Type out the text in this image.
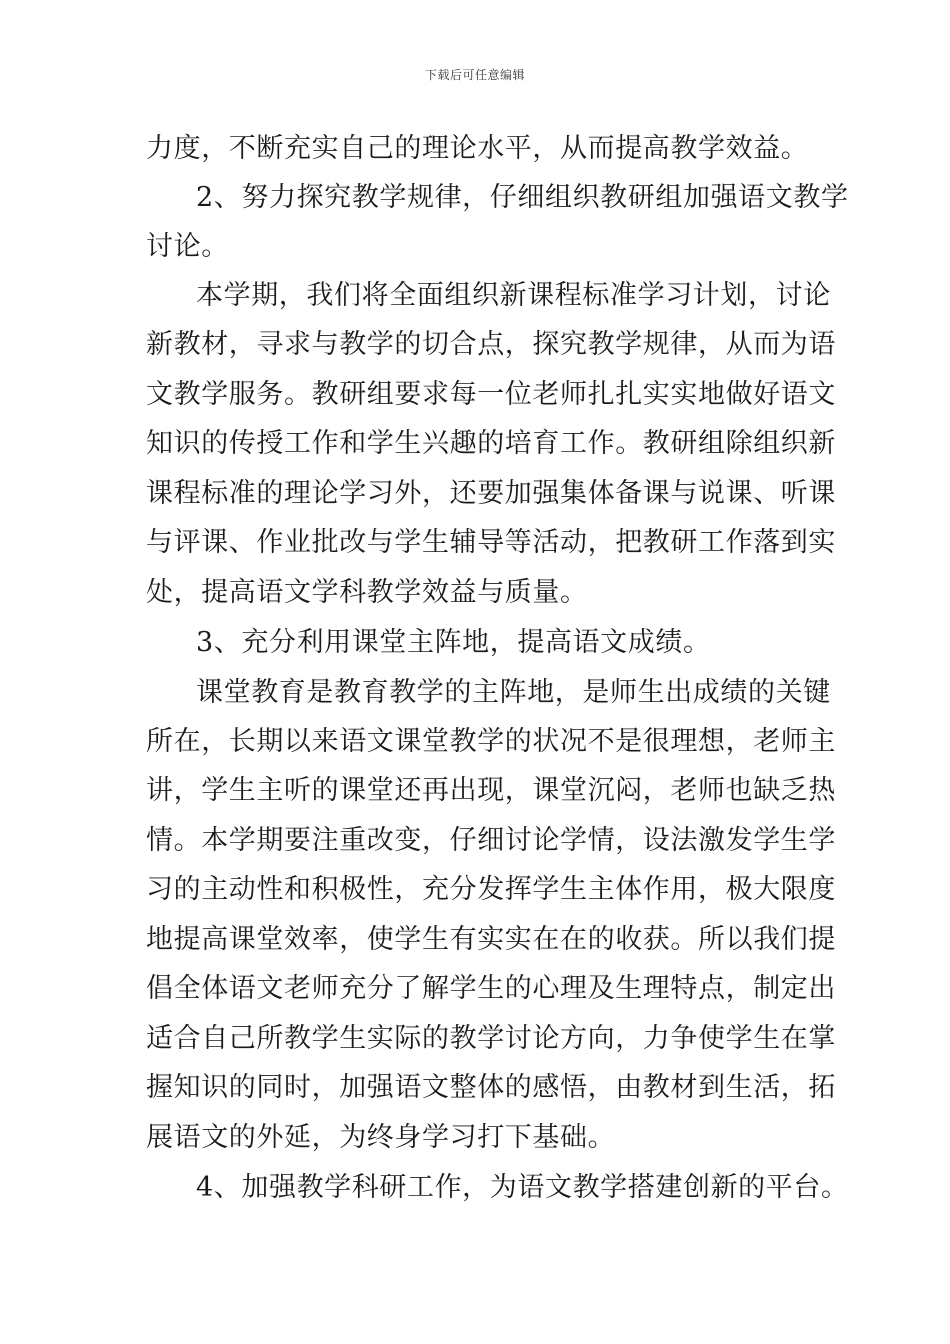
下载后可任意编辑
力度，不断充实自己的理论水平，从而提高教学效益。
2、努力探究教学规律，仔细组织教研组加强语文教学
讨论。
本学期，我们将全面组织新课程标准学习计划，讨论
新教材，寻求与教学的切合点，探究教学规律，从而为语
文教学服务。教研组要求每一位老师扎扎实实地做好语文
知识的传授工作和学生兴趣的培育工作。教研组除组织新
课程标准的理论学习外，还要加强集体备课与说课、听课
与评课、作业批改与学生辅导等活动，把教研工作落到实
处，提高语文学科教学效益与质量。
3、充分利用课堂主阵地，提高语文成绩。
课堂教育是教育教学的主阵地，是师生出成绩的关键
所在，长期以来语文课堂教学的状况不是很理想，老师主
讲，学生主听的课堂还再出现，课堂沉闷，老师也缺乏热
情。本学期要注重改变，仔细讨论学情，设法激发学生学
习的主动性和积极性，充分发挥学生主体作用，极大限度
地提高课堂效率，使学生有实实在在的收获。所以我们提
倡全体语文老师充分了解学生的心理及生理特点，制定出
适合自己所教学生实际的教学讨论方向，力争使学生在掌
握知识的同时，加强语文整体的感悟，由教材到生活，拓
展语文的外延，为终身学习打下基础。
4、加强教学科研工作，为语文教学搭建创新的平台。
